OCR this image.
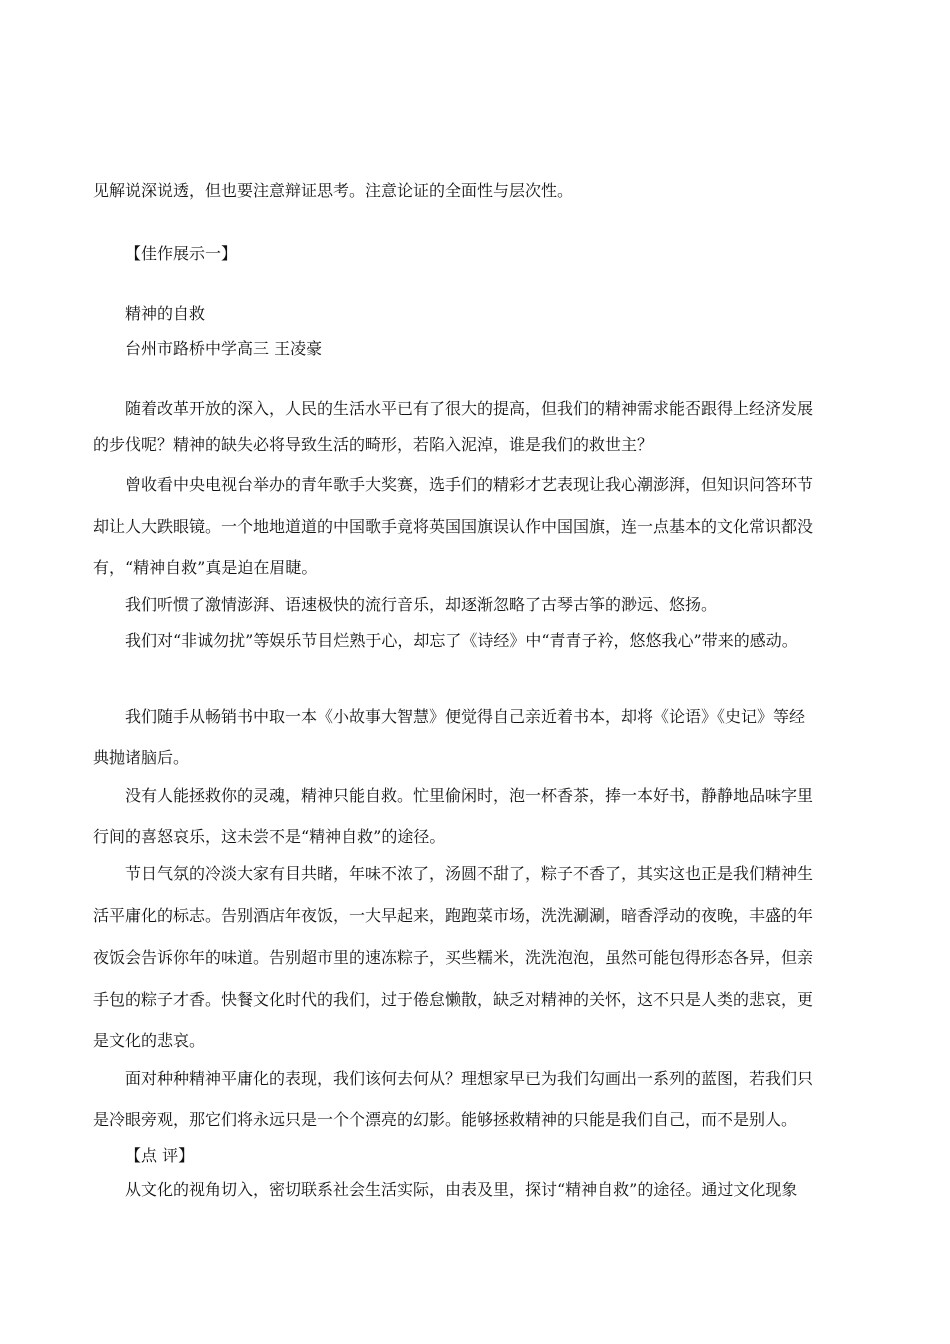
见解说深说透，但也要注意辩证思考。注意论证的全面性与层次性。

【佳作展示一】

精神的自救

台州市路桥中学高三 王凌豪

随着改革开放的深入，人民的生活水平已有了很大的提高，但我们的精神需求能否跟得上经济发展

的步伐呢？精神的缺失必将导致生活的畸形，若陷入泥淖，谁是我们的救世主？

曾收看中央电视台举办的青年歌手大奖赛，选手们的精彩才艺表现让我心潮澎湃，但知识问答环节

却让人大跌眼镜。一个地地道道的中国歌手竟将英国国旗误认作中国国旗，连一点基本的文化常识都没

有，“精神自救”真是迫在眉睫。

我们听惯了激情澎湃、语速极快的流行音乐，却逐渐忽略了古琴古筝的渺远、悠扬。

我们对“非诚勿扰”等娱乐节目烂熟于心，却忘了《诗经》中“青青子衿，悠悠我心”带来的感动。

我们随手从畅销书中取一本《小故事大智慧》便觉得自己亲近着书本，却将《论语》《史记》等经

典抛诸脑后。

没有人能拯救你的灵魂，精神只能自救。忙里偷闲时，泡一杯香茶，捧一本好书，静静地品味字里

行间的喜怒哀乐，这未尝不是“精神自救”的途径。

节日气氛的冷淡大家有目共睹，年味不浓了，汤圆不甜了，粽子不香了，其实这也正是我们精神生

活平庸化的标志。告别酒店年夜饭，一大早起来，跑跑菜市场，洗洗涮涮，暗香浮动的夜晚，丰盛的年

夜饭会告诉你年的味道。告别超市里的速冻粽子，买些糯米，洗洗泡泡，虽然可能包得形态各异，但亲

手包的粽子才香。快餐文化时代的我们，过于倦怠懒散，缺乏对精神的关怀，这不只是人类的悲哀，更

是文化的悲哀。

面对种种精神平庸化的表现，我们该何去何从？理想家早已为我们勾画出一系列的蓝图，若我们只

是冷眼旁观，那它们将永远只是一个个漂亮的幻影。能够拯救精神的只能是我们自己，而不是别人。

【点 评】

从文化的视角切入，密切联系社会生活实际，由表及里，探讨“精神自救”的途径。通过文化现象
